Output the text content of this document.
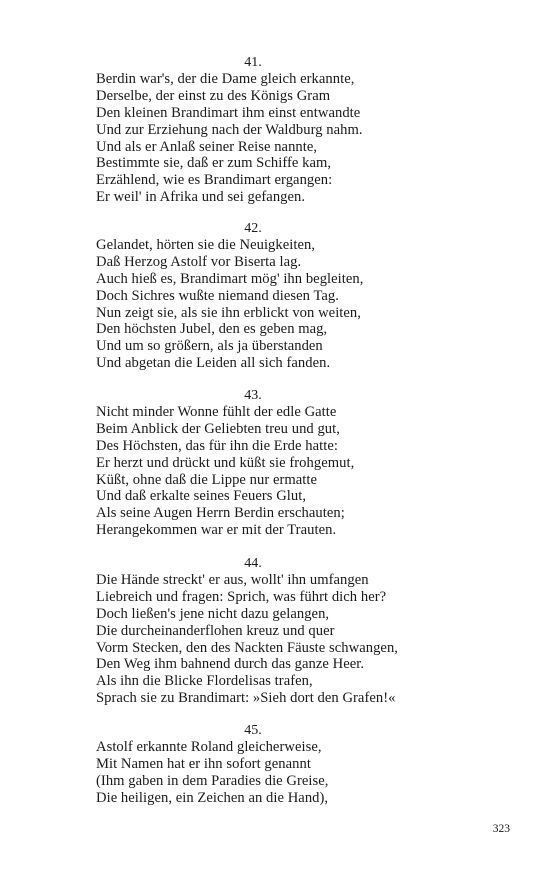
41.
Berdin war's, der die Dame gleich erkannte,
Derselbe, der einst zu des Königs Gram
Den kleinen Brandimart ihm einst entwandte
Und zur Erziehung nach der Waldburg nahm.
Und als er Anlaß seiner Reise nannte,
Bestimmte sie, daß er zum Schiffe kam,
Erzählend, wie es Brandimart ergangen:
Er weil' in Afrika und sei gefangen.
42.
Gelandet, hörten sie die Neuigkeiten,
Daß Herzog Astolf vor Biserta lag.
Auch hieß es, Brandimart mög' ihn begleiten,
Doch Sichres wußte niemand diesen Tag.
Nun zeigt sie, als sie ihn erblickt von weiten,
Den höchsten Jubel, den es geben mag,
Und um so größern, als ja überstanden
Und abgetan die Leiden all sich fanden.
43.
Nicht minder Wonne fühlt der edle Gatte
Beim Anblick der Geliebten treu und gut,
Des Höchsten, das für ihn die Erde hatte:
Er herzt und drückt und küßt sie frohgemut,
Küßt, ohne daß die Lippe nur ermatte
Und daß erkalte seines Feuers Glut,
Als seine Augen Herrn Berdin erschauten;
Herangekommen war er mit der Trauten.
44.
Die Hände streckt' er aus, wollt' ihn umfangen
Liebreich und fragen: Sprich, was führt dich her?
Doch ließen's jene nicht dazu gelangen,
Die durcheinanderflohen kreuz und quer
Vorm Stecken, den des Nackten Fäuste schwangen,
Den Weg ihm bahnend durch das ganze Heer.
Als ihn die Blicke Flordelisas trafen,
Sprach sie zu Brandimart: »Sieh dort den Grafen!«
45.
Astolf erkannte Roland gleicherweise,
Mit Namen hat er ihn sofort genannt
(Ihm gaben in dem Paradies die Greise,
Die heiligen, ein Zeichen an die Hand),
323
